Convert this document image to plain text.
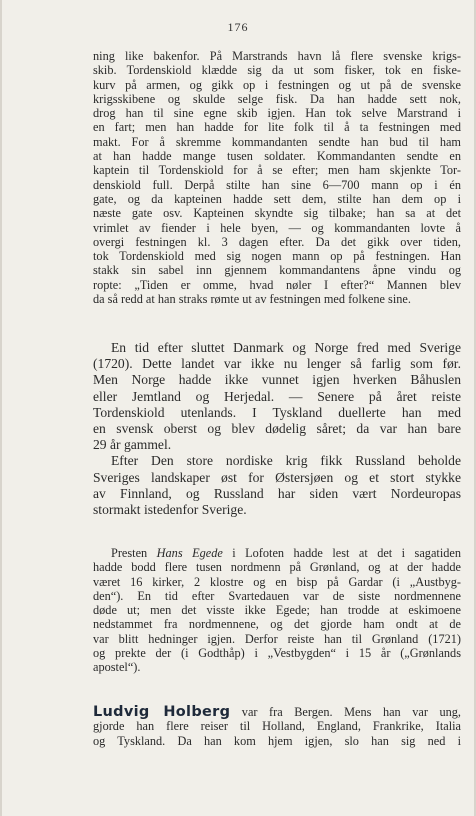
176
ning like bakenfor. På Marstrands havn lå flere svenske krigs-
skib. Tordenskiold klædde sig da ut som fisker, tok en fiske-
kurv på armen, og gikk op i festningen og ut på de svenske
krigsskibene og skulde selge fisk. Da han hadde sett nok,
drog han til sine egne skib igjen. Han tok selve Marstrand i
en fart; men han hadde for lite folk til å ta festningen med
makt. For å skremme kommandanten sendte han bud til ham
at han hadde mange tusen soldater. Kommandanten sendte en
kaptein til Tordenskiold for å se efter; men ham skjenkte Tor-
denskiold full. Derpå stilte han sine 6—700 mann op i én
gate, og da kapteinen hadde sett dem, stilte han dem op i
næste gate osv. Kapteinen skyndte sig tilbake; han sa at det
vrimlet av fiender i hele byen, — og kommandanten lovte å
overgi festningen kl. 3 dagen efter. Da det gikk over tiden,
tok Tordenskiold med sig nogen mann op på festningen. Han
stakk sin sabel inn gjennem kommandantens åpne vindu og
ropte: „Tiden er omme, hvad nøler I efter?“ Mannen blev
da så redd at han straks rømte ut av festningen med folkene sine.
En tid efter sluttet Danmark og Norge fred med Sverige
(1720). Dette landet var ikke nu lenger så farlig som før.
Men Norge hadde ikke vunnet igjen hverken Båhuslen
eller Jemtland og Herjedal. — Senere på året reiste
Tordenskiold utenlands. I Tyskland duellerte han med
en svensk oberst og blev dødelig såret; da var han bare
29 år gammel.
Efter Den store nordiske krig fikk Russland beholde
Sveriges landskaper øst for Østersjøen og et stort stykke
av Finnland, og Russland har siden vært Nordeuropas
stormakt istedenfor Sverige.
Presten Hans Egede i Lofoten hadde lest at det i sagatiden
hadde bodd flere tusen nordmenn på Grønland, og at der hadde
været 16 kirker, 2 klostre og en bisp på Gardar (i „Austbyg-
den“). En tid efter Svartedauen var de siste nordmennene
døde ut; men det visste ikke Egede; han trodde at eskimoene
nedstammet fra nordmennene, og det gjorde ham ondt at de
var blitt hedninger igjen. Derfor reiste han til Grønland (1721)
og prekte der (i Godthåp) i „Vestbygden“ i 15 år („Grønlands
apostel“).
Ludvig Holberg var fra Bergen. Mens han var ung,
gjorde han flere reiser til Holland, England, Frankrike, Italia
og Tyskland. Da han kom hjem igjen, slo han sig ned i
